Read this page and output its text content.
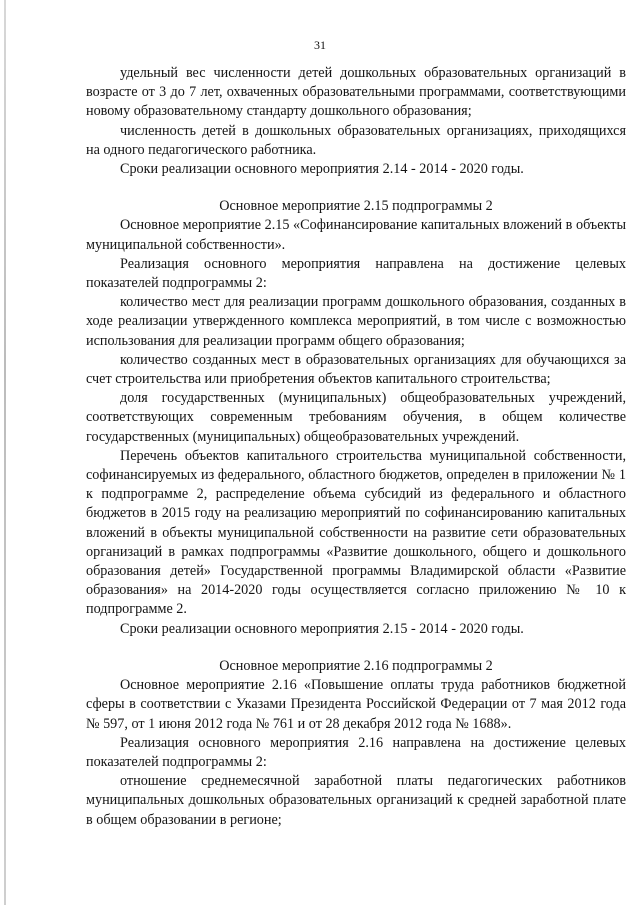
31

удельный вес численности детей дошкольных образовательных организаций в возрасте от 3 до 7 лет, охваченных образовательными программами, соответствующими новому образовательному стандарту дошкольного образования;

численность детей в дошкольных образовательных организациях, приходящихся на одного педагогического работника.

Сроки реализации основного мероприятия 2.14 - 2014 - 2020 годы.

Основное мероприятие 2.15 подпрограммы 2

Основное мероприятие 2.15 «Софинансирование капитальных вложений в объекты муниципальной собственности».

Реализация основного мероприятия направлена на достижение целевых показателей подпрограммы 2:

количество мест для реализации программ дошкольного образования, созданных в ходе реализации утвержденного комплекса мероприятий, в том числе с возможностью использования для реализации программ общего образования;

количество созданных мест в образовательных организациях для обучающихся за счет строительства или приобретения объектов капитального строительства;

доля государственных (муниципальных) общеобразовательных учреждений, соответствующих современным требованиям обучения, в общем количестве государственных (муниципальных) общеобразовательных учреждений.

Перечень объектов капитального строительства муниципальной собственности, софинансируемых из федерального, областного бюджетов, определен в приложении № 1 к подпрограмме 2, распределение объема субсидий из федерального и областного бюджетов в 2015 году на реализацию мероприятий по софинансированию капитальных вложений в объекты муниципальной собственности на развитие сети образовательных организаций в рамках подпрограммы «Развитие дошкольного, общего и дошкольного образования детей» Государственной программы Владимирской области «Развитие образования» на 2014-2020 годы осуществляется согласно приложению № 10 к подпрограмме 2.

Сроки реализации основного мероприятия 2.15 - 2014 - 2020 годы.

Основное мероприятие 2.16 подпрограммы 2

Основное мероприятие 2.16 «Повышение оплаты труда работников бюджетной сферы в соответствии с Указами Президента Российской Федерации от 7 мая 2012 года № 597, от 1 июня 2012 года № 761 и от 28 декабря 2012 года № 1688».

Реализация основного мероприятия 2.16 направлена на достижение целевых показателей подпрограммы 2:

отношение среднемесячной заработной платы педагогических работников муниципальных дошкольных образовательных организаций к средней заработной плате в общем образовании в регионе;
